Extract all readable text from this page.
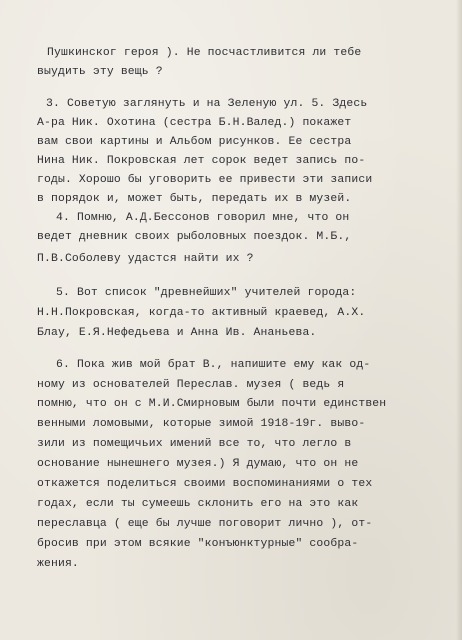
Пушкинског героя ). Не посчастливится ли тебе
выудить эту вещь ?
3. Советую заглянуть и на Зеленую ул. 5. Здесь
А-ра Ник. Охотина (сестра Б.Н.Валед.) покажет
вам свои картины и Альбом рисунков. Ее сестра
Нина Ник. Покровская лет сорок ведет запись по-
годы. Хорошо бы уговорить ее привести эти записи
в порядок и, может быть, передать их в музей.
4. Помню, А.Д.Бессонов говорил мне, что он
ведет дневник своих рыболовных поездок. М.Б.,
П.В.Соболеву удастся найти их ?
5. Вот список "древнейших" учителей города:
Н.Н.Покровская, когда-то активный краевед, А.Х.
Блау, Е.Я.Нефедьева и Анна Ив. Ананьева.
6. Пока жив мой брат В., напишите ему как од-
ному из основателей Переслав. музея ( ведь я
помню, что он с М.И.Смирновым были почти единствен
венными ломовыми, которые зимой 1918-19г. выво-
зили из помещичьих имений все то, что легло в
основание нынешнего музея.) Я думаю, что он не
откажется поделиться своими воспоминаниями о тех
годах, если ты сумеешь склонить его на это как
переславца ( еще бы лучше поговорит лично ), от-
бросив при этом всякие "конъюнктурные" сообра-
жения.
